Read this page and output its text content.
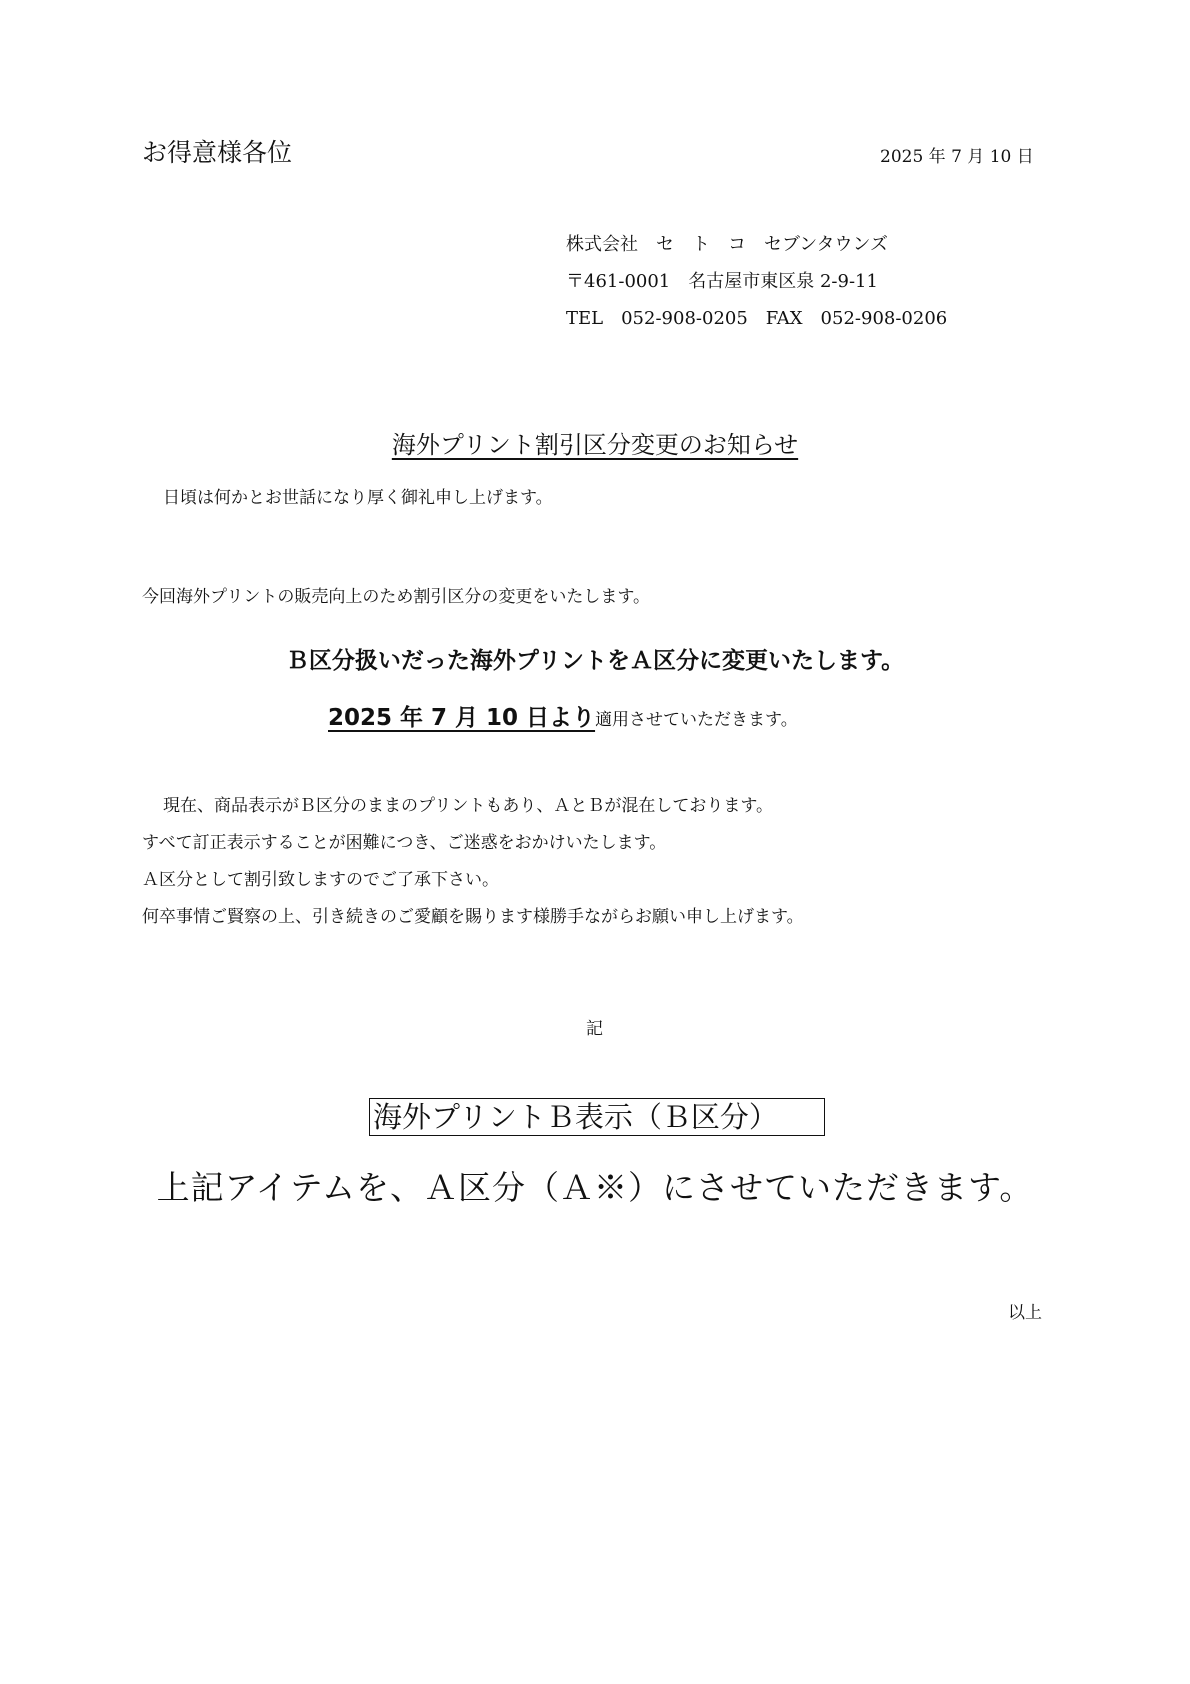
お得意様各位	2025 年 7 月 10 日
株式会社　セ　ト　コ　セブンタウンズ
〒461-0001 名古屋市東区泉 2-9-11
TEL 052-908-0205 FAX 052-908-0206
海外プリント割引区分変更のお知らせ
日頃は何かとお世話になり厚く御礼申し上げます。
今回海外プリントの販売向上のため割引区分の変更をいたします。
Ｂ区分扱いだった海外プリントをＡ区分に変更いたします。
2025 年 7 月 10 日より適用させていただきます。
現在、商品表示がＢ区分のままのプリントもあり、ＡとＢが混在しております。
すべて訂正表示することが困難につき、ご迷惑をおかけいたします。
Ａ区分として割引致しますのでご了承下さい。
何卒事情ご賢察の上、引き続きのご愛顧を賜ります様勝手ながらお願い申し上げます。
記
海外プリントＢ表示（Ｂ区分）
上記アイテムを、Ａ区分（Ａ※）にさせていただきます。
以上
